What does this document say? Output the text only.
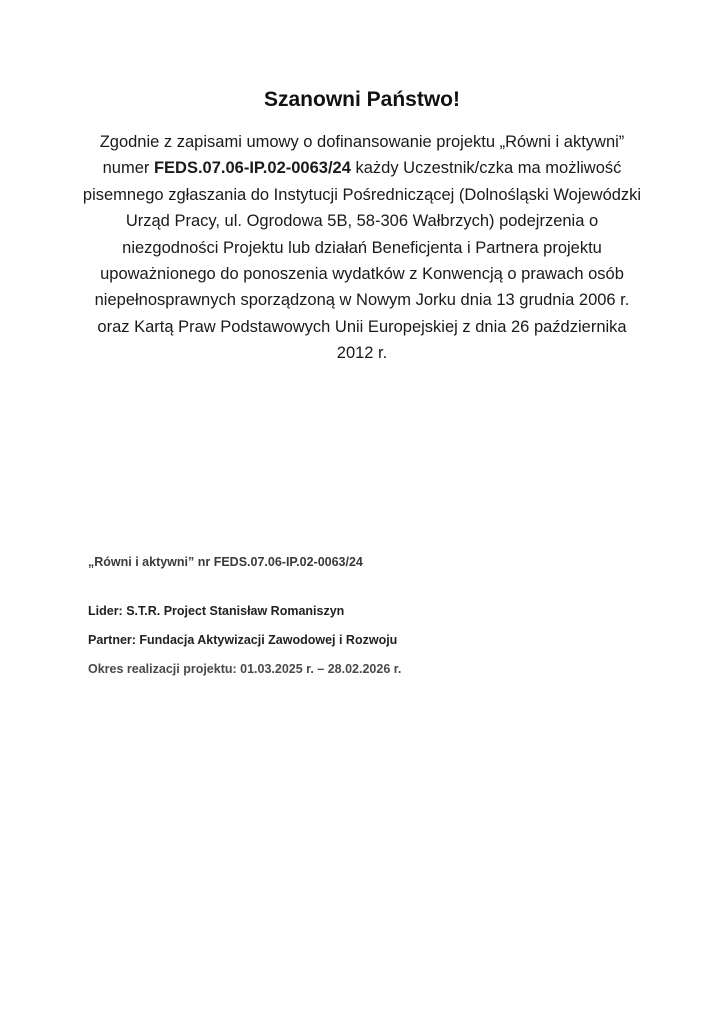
Szanowni Państwo!

Zgodnie z zapisami umowy o dofinansowanie projektu „Równi i aktywni” numer FEDS.07.06-IP.02-0063/24 każdy Uczestnik/czka ma możliwość pisemnego zgłaszania do Instytucji Pośredniczącej (Dolnośląski Wojewódzki Urząd Pracy, ul. Ogrodowa 5B, 58-306 Wałbrzych) podejrzenia o niezgodności Projektu lub działań Beneficjenta i Partnera projektu upoważnionego do ponoszenia wydatków z Konwencją o prawach osób niepełnosprawnych sporządzoną w Nowym Jorku dnia 13 grudnia 2006 r. oraz Kartą Praw Podstawowych Unii Europejskiej z dnia 26 października 2012 r.

„Równi i aktywni” nr FEDS.07.06-IP.02-0063/24

Lider: S.T.R. Project Stanisław Romaniszyn

Partner: Fundacja Aktywizacji Zawodowej i Rozwoju

Okres realizacji projektu: 01.03.2025 r. – 28.02.2026 r.
